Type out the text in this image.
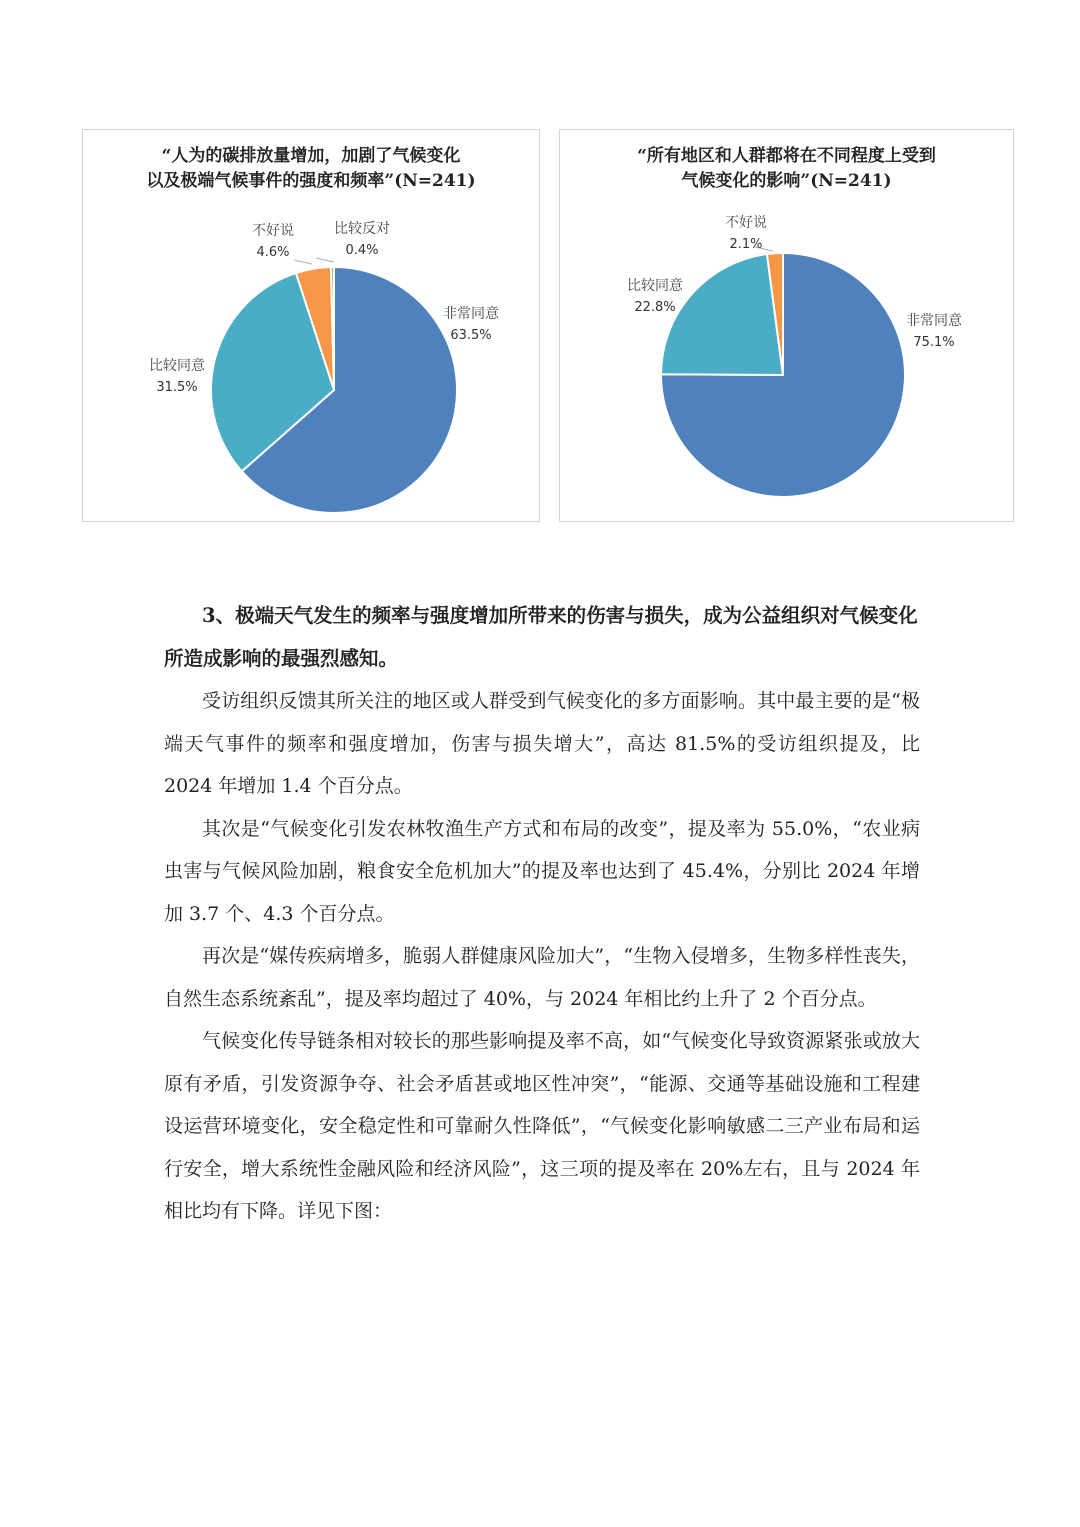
“人为的碳排放量增加，加剧了气候变化
以及极端气候事件的强度和频率”(N=241)
非常同意
63.5%
比较同意
31.5%
不好说
4.6%
比较反对
0.4%
“所有地区和人群都将在不同程度上受到
气候变化的影响”(N=241)
非常同意
75.1%
比较同意
22.8%
不好说
2.1%

3、极端天气发生的频率与强度增加所带来的伤害与损失，成为公益组织对气候变化所造成影响的最强烈感知。

受访组织反馈其所关注的地区或人群受到气候变化的多方面影响。其中最主要的是“极端天气事件的频率和强度增加，伤害与损失增大”，高达 81.5%的受访组织提及，比 2024 年增加 1.4 个百分点。

其次是“气候变化引发农林牧渔生产方式和布局的改变”，提及率为 55.0%，“农业病虫害与气候风险加剧，粮食安全危机加大”的提及率也达到了 45.4%，分别比 2024 年增加 3.7 个、4.3 个百分点。

再次是“媒传疾病增多，脆弱人群健康风险加大”，“生物入侵增多，生物多样性丧失，自然生态系统紊乱”，提及率均超过了 40%，与 2024 年相比约上升了 2 个百分点。

气候变化传导链条相对较长的那些影响提及率不高，如“气候变化导致资源紧张或放大原有矛盾，引发资源争夺、社会矛盾甚或地区性冲突”，“能源、交通等基础设施和工程建设运营环境变化，安全稳定性和可靠耐久性降低”，“气候变化影响敏感二三产业布局和运行安全，增大系统性金融风险和经济风险”，这三项的提及率在 20%左右，且与 2024 年相比均有下降。详见下图：
